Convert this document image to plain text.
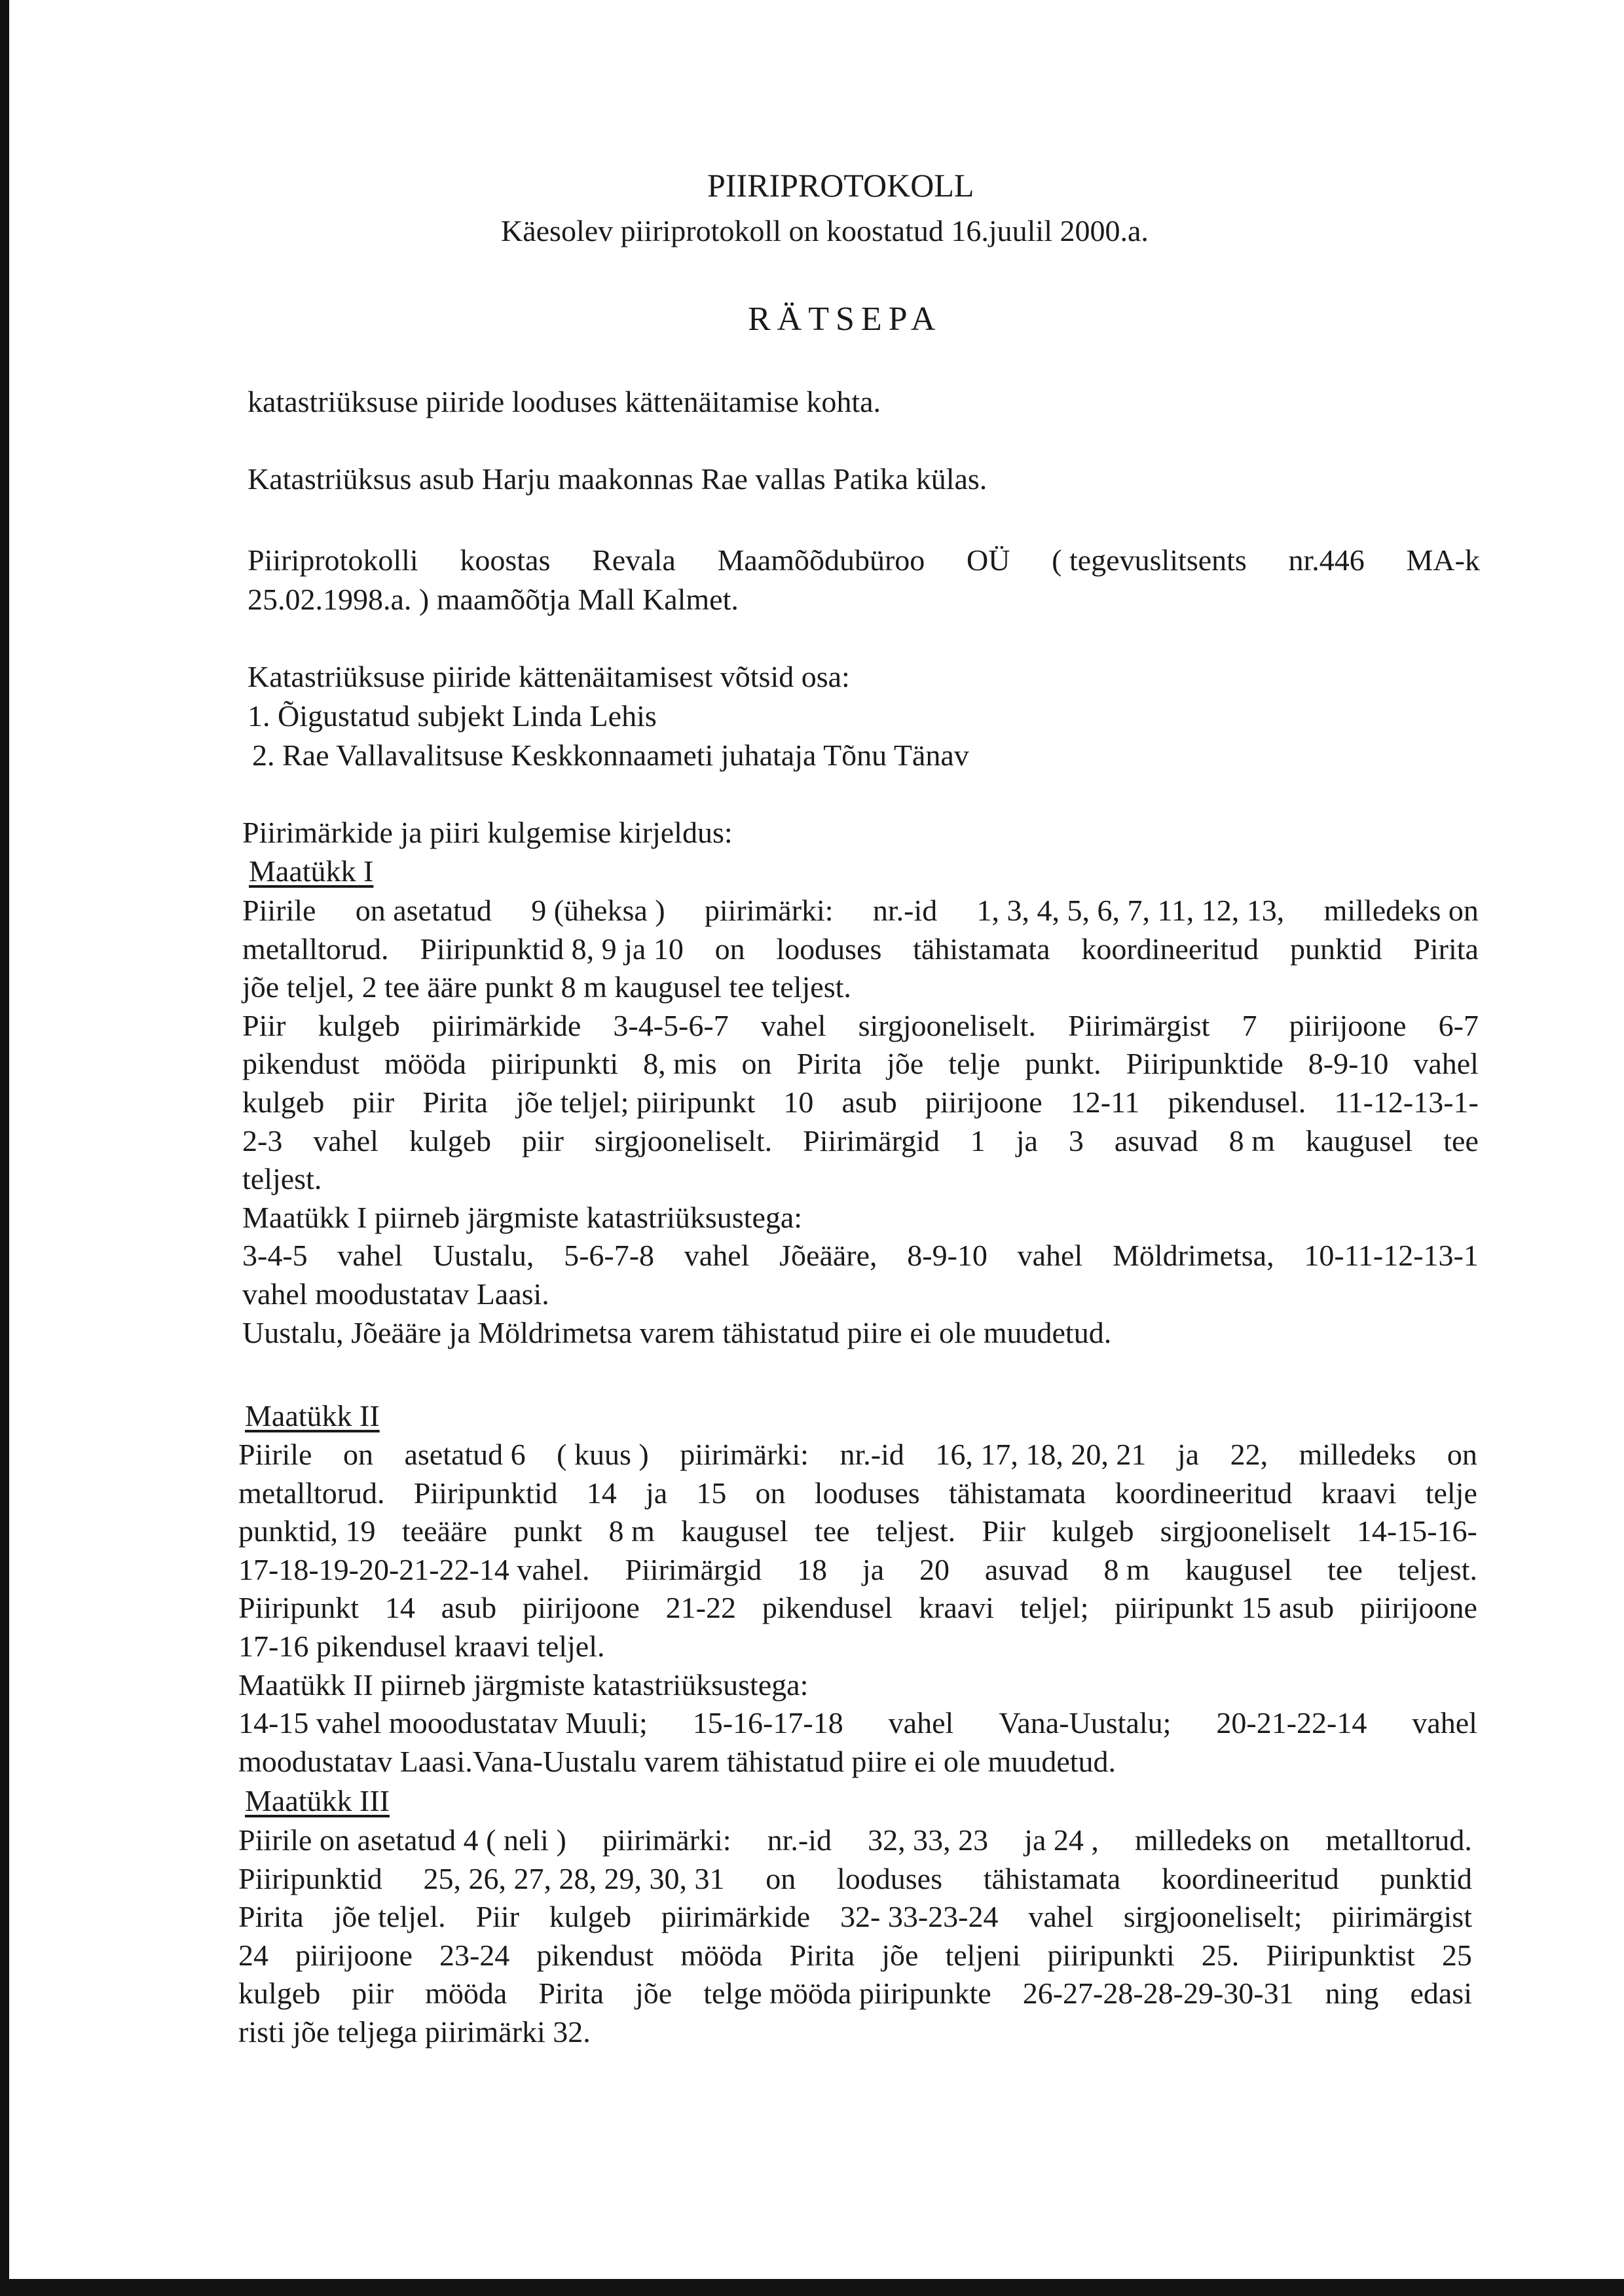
PIIRIPROTOKOLL
Käesolev piiriprotokoll on koostatud 16.juulil 2000.a.
RÄTSEPA
katastriüksuse piiride looduses kättenäitamise kohta.
Katastriüksus asub Harju maakonnas Rae vallas Patika külas.
Piiriprotokolli koostas Revala Maamõõdubüroo OÜ ( tegevuslitsents nr.446 MA-k
25.02.1998.a. ) maamõõtja Mall Kalmet.
Katastriüksuse piiride kättenäitamisest võtsid osa:
1. Õigustatud subjekt Linda Lehis
2. Rae Vallavalitsuse Keskkonnaameti juhataja Tõnu Tänav
Piirimärkide ja piiri kulgemise kirjeldus:
Maatükk I
Piirile on asetatud 9 (üheksa ) piirimärki: nr.-id 1, 3, 4, 5, 6, 7, 11, 12, 13, milledeks on
metalltorud. Piiripunktid 8, 9 ja 10 on looduses tähistamata koordineeritud punktid Pirita
jõe teljel, 2 tee ääre punkt 8 m kaugusel tee teljest.
Piir kulgeb piirimärkide 3-4-5-6-7 vahel sirgjooneliselt. Piirimärgist 7 piirijoone 6-7
pikendust mööda piiripunkti 8, mis on Pirita jõe telje punkt. Piiripunktide 8-9-10 vahel
kulgeb piir Pirita jõe teljel; piiripunkt 10 asub piirijoone 12-11 pikendusel. 11-12-13-1-
2-3 vahel kulgeb piir sirgjooneliselt. Piirimärgid 1 ja 3 asuvad 8 m kaugusel tee
teljest.
Maatükk I piirneb järgmiste katastriüksustega:
3-4-5 vahel Uustalu, 5-6-7-8 vahel Jõeääre, 8-9-10 vahel Möldrimetsa, 10-11-12-13-1
vahel moodustatav Laasi.
Uustalu, Jõeääre ja Möldrimetsa varem tähistatud piire ei ole muudetud.
Maatükk II
Piirile on asetatud 6 ( kuus ) piirimärki: nr.-id 16, 17, 18, 20, 21 ja 22, milledeks on
metalltorud. Piiripunktid 14 ja 15 on looduses tähistamata koordineeritud kraavi telje
punktid, 19 teeääre punkt 8 m kaugusel tee teljest. Piir kulgeb sirgjooneliselt 14-15-16-
17-18-19-20-21-22-14 vahel. Piirimärgid 18 ja 20 asuvad 8 m kaugusel tee teljest.
Piiripunkt 14 asub piirijoone 21-22 pikendusel kraavi teljel; piiripunkt 15 asub piirijoone
17-16 pikendusel kraavi teljel.
Maatükk II piirneb järgmiste katastriüksustega:
14-15 vahel mooodustatav Muuli; 15-16-17-18 vahel Vana-Uustalu; 20-21-22-14 vahel
moodustatav Laasi.Vana-Uustalu varem tähistatud piire ei ole muudetud.
Maatükk III
Piirile on asetatud 4 ( neli ) piirimärki: nr.-id 32, 33, 23 ja 24 , milledeks on metalltorud.
Piiripunktid 25, 26, 27, 28, 29, 30, 31 on looduses tähistamata koordineeritud punktid
Pirita jõe teljel. Piir kulgeb piirimärkide 32- 33-23-24 vahel sirgjooneliselt; piirimärgist
24 piirijoone 23-24 pikendust mööda Pirita jõe teljeni piiripunkti 25. Piiripunktist 25
kulgeb piir mööda Pirita jõe telge mööda piiripunkte 26-27-28-28-29-30-31 ning edasi
risti jõe teljega piirimärki 32.
